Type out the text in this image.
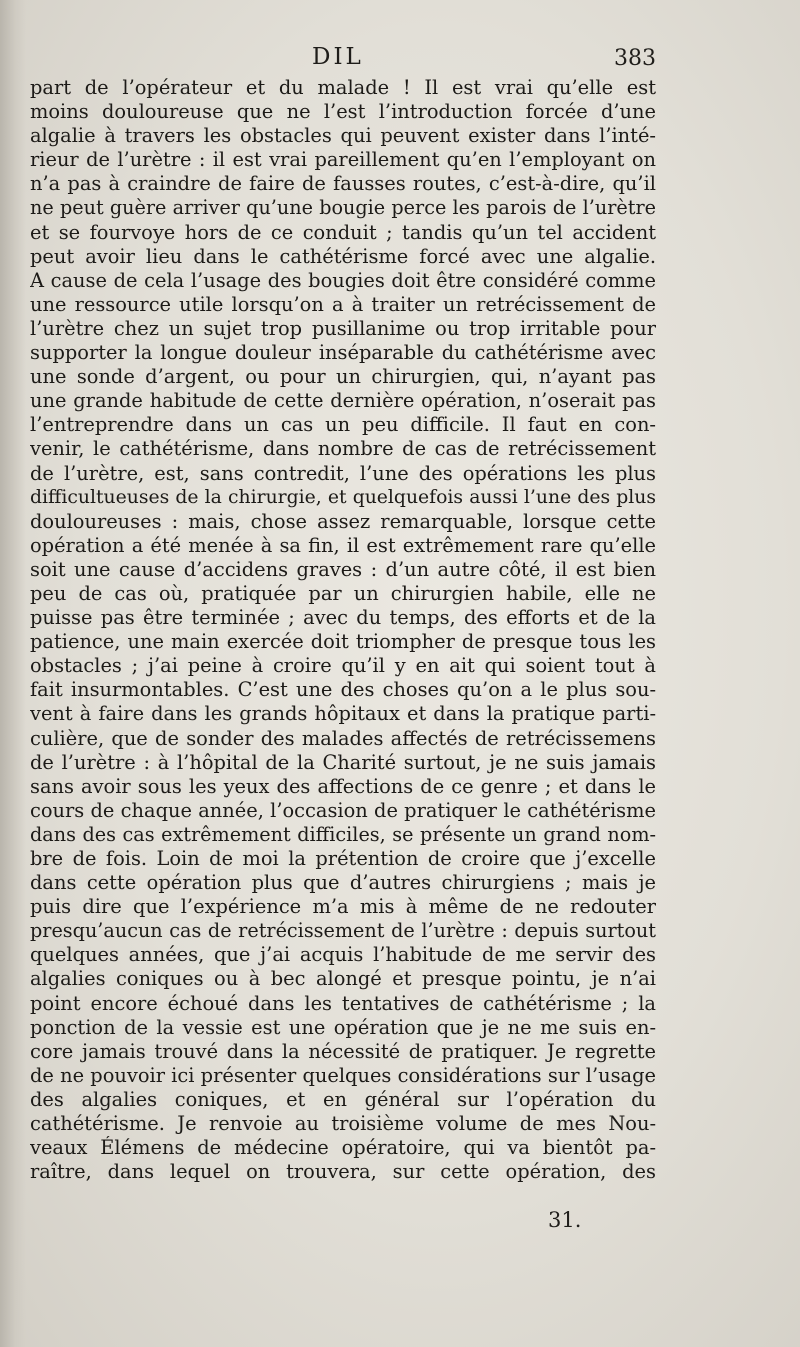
DIL	383
part de l’opérateur et du malade ! Il est vrai qu’elle est
moins douloureuse que ne l’est l’introduction forcée d’une
algalie à travers les obstacles qui peuvent exister dans l’inté-
rieur de l’urètre : il est vrai pareillement qu’en l’employant on
n’a pas à craindre de faire de fausses routes, c’est-à-dire, qu’il
ne peut guère arriver qu’une bougie perce les parois de l’urètre
et se fourvoye hors de ce conduit ; tandis qu’un tel accident
peut avoir lieu dans le cathétérisme forcé avec une algalie.
A cause de cela l’usage des bougies doit être considéré comme
une ressource utile lorsqu’on a à traiter un retrécissement de
l’urètre chez un sujet trop pusillanime ou trop irritable pour
supporter la longue douleur inséparable du cathétérisme avec
une sonde d’argent, ou pour un chirurgien, qui, n’ayant pas
une grande habitude de cette dernière opération, n’oserait pas
l’entreprendre dans un cas un peu difficile. Il faut en con-
venir, le cathétérisme, dans nombre de cas de retrécissement
de l’urètre, est, sans contredit, l’une des opérations les plus
difficultueuses de la chirurgie, et quelquefois aussi l’une des plus
douloureuses : mais, chose assez remarquable, lorsque cette
opération a été menée à sa fin, il est extrêmement rare qu’elle
soit une cause d’accidens graves : d’un autre côté, il est bien
peu de cas où, pratiquée par un chirurgien habile, elle ne
puisse pas être terminée ; avec du temps, des efforts et de la
patience, une main exercée doit triompher de presque tous les
obstacles ; j’ai peine à croire qu’il y en ait qui soient tout à
fait insurmontables. C’est une des choses qu’on a le plus sou-
vent à faire dans les grands hôpitaux et dans la pratique parti-
culière, que de sonder des malades affectés de retrécissemens
de l’urètre : à l’hôpital de la Charité surtout, je ne suis jamais
sans avoir sous les yeux des affections de ce genre ; et dans le
cours de chaque année, l’occasion de pratiquer le cathétérisme
dans des cas extrêmement difficiles, se présente un grand nom-
bre de fois. Loin de moi la prétention de croire que j’excelle
dans cette opération plus que d’autres chirurgiens ; mais je
puis dire que l’expérience m’a mis à même de ne redouter
presqu’aucun cas de retrécissement de l’urètre : depuis surtout
quelques années, que j’ai acquis l’habitude de me servir des
algalies coniques ou à bec alongé et presque pointu, je n’ai
point encore échoué dans les tentatives de cathétérisme ; la
ponction de la vessie est une opération que je ne me suis en-
core jamais trouvé dans la nécessité de pratiquer. Je regrette
de ne pouvoir ici présenter quelques considérations sur l’usage
des algalies coniques, et en général sur l’opération du
cathétérisme. Je renvoie au troisième volume de mes Nou-
veaux Élémens de médecine opératoire, qui va bientôt pa-
raître, dans lequel on trouvera, sur cette opération, des
31.
